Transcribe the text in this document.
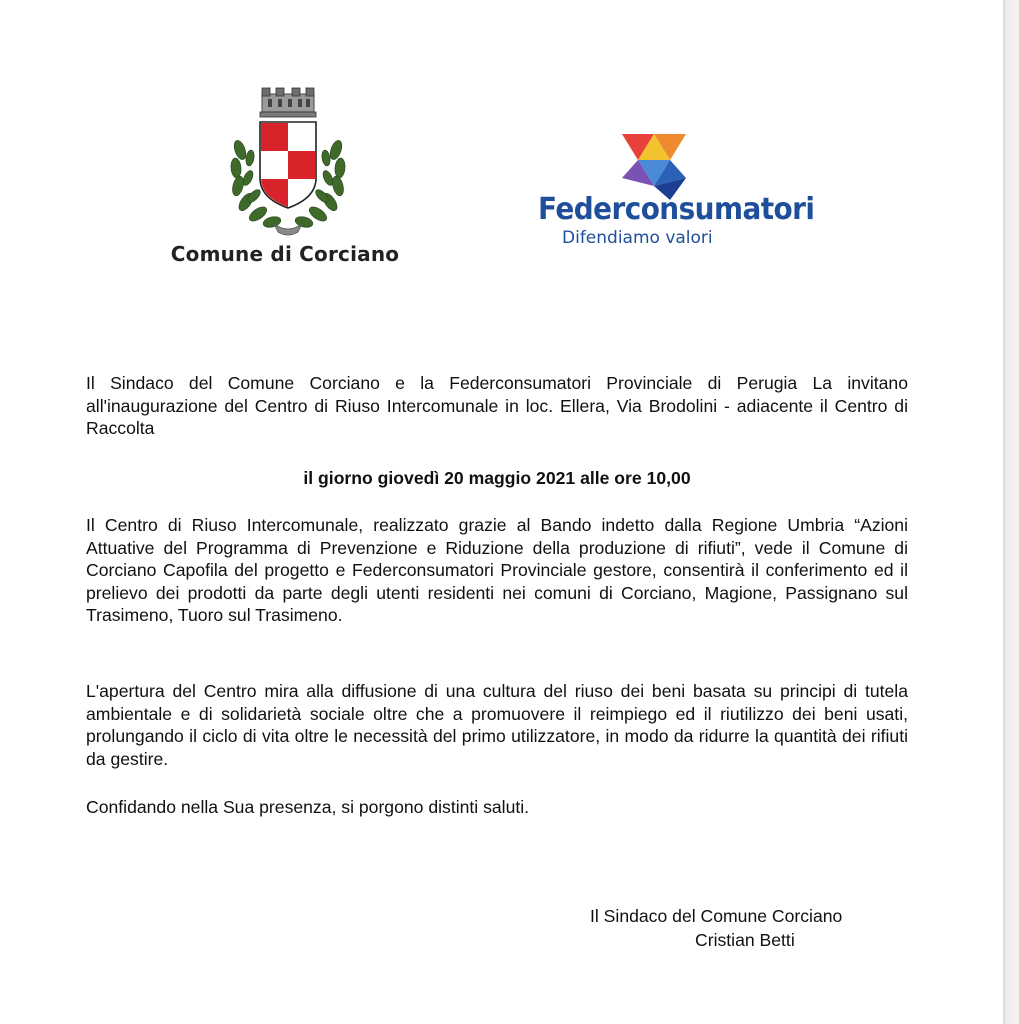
Comune di Corciano
Federconsumatori
Difendiamo valori
Il Sindaco del Comune Corciano e la Federconsumatori Provinciale di Perugia La invitano all'inaugurazione del Centro di Riuso Intercomunale in loc. Ellera, Via Brodolini - adiacente il Centro di Raccolta
il giorno giovedì 20 maggio 2021 alle ore 10,00
Il Centro di Riuso Intercomunale, realizzato grazie al Bando indetto dalla Regione Umbria “Azioni Attuative del Programma di Prevenzione e Riduzione della produzione di rifiuti”, vede il Comune di Corciano Capofila del progetto e Federconsumatori Provinciale gestore, consentirà il conferimento ed il prelievo dei prodotti da parte degli utenti residenti nei comuni di Corciano, Magione, Passignano sul Trasimeno, Tuoro sul Trasimeno.
L'apertura del Centro mira alla diffusione di una cultura del riuso dei beni basata su principi di tutela ambientale e di solidarietà sociale oltre che a promuovere il reimpiego ed il riutilizzo dei beni usati, prolungando il ciclo di vita oltre le necessità del primo utilizzatore, in modo da ridurre la quantità dei rifiuti da gestire.
Confidando nella Sua presenza, si porgono distinti saluti.
Il Sindaco del Comune Corciano
Cristian Betti
